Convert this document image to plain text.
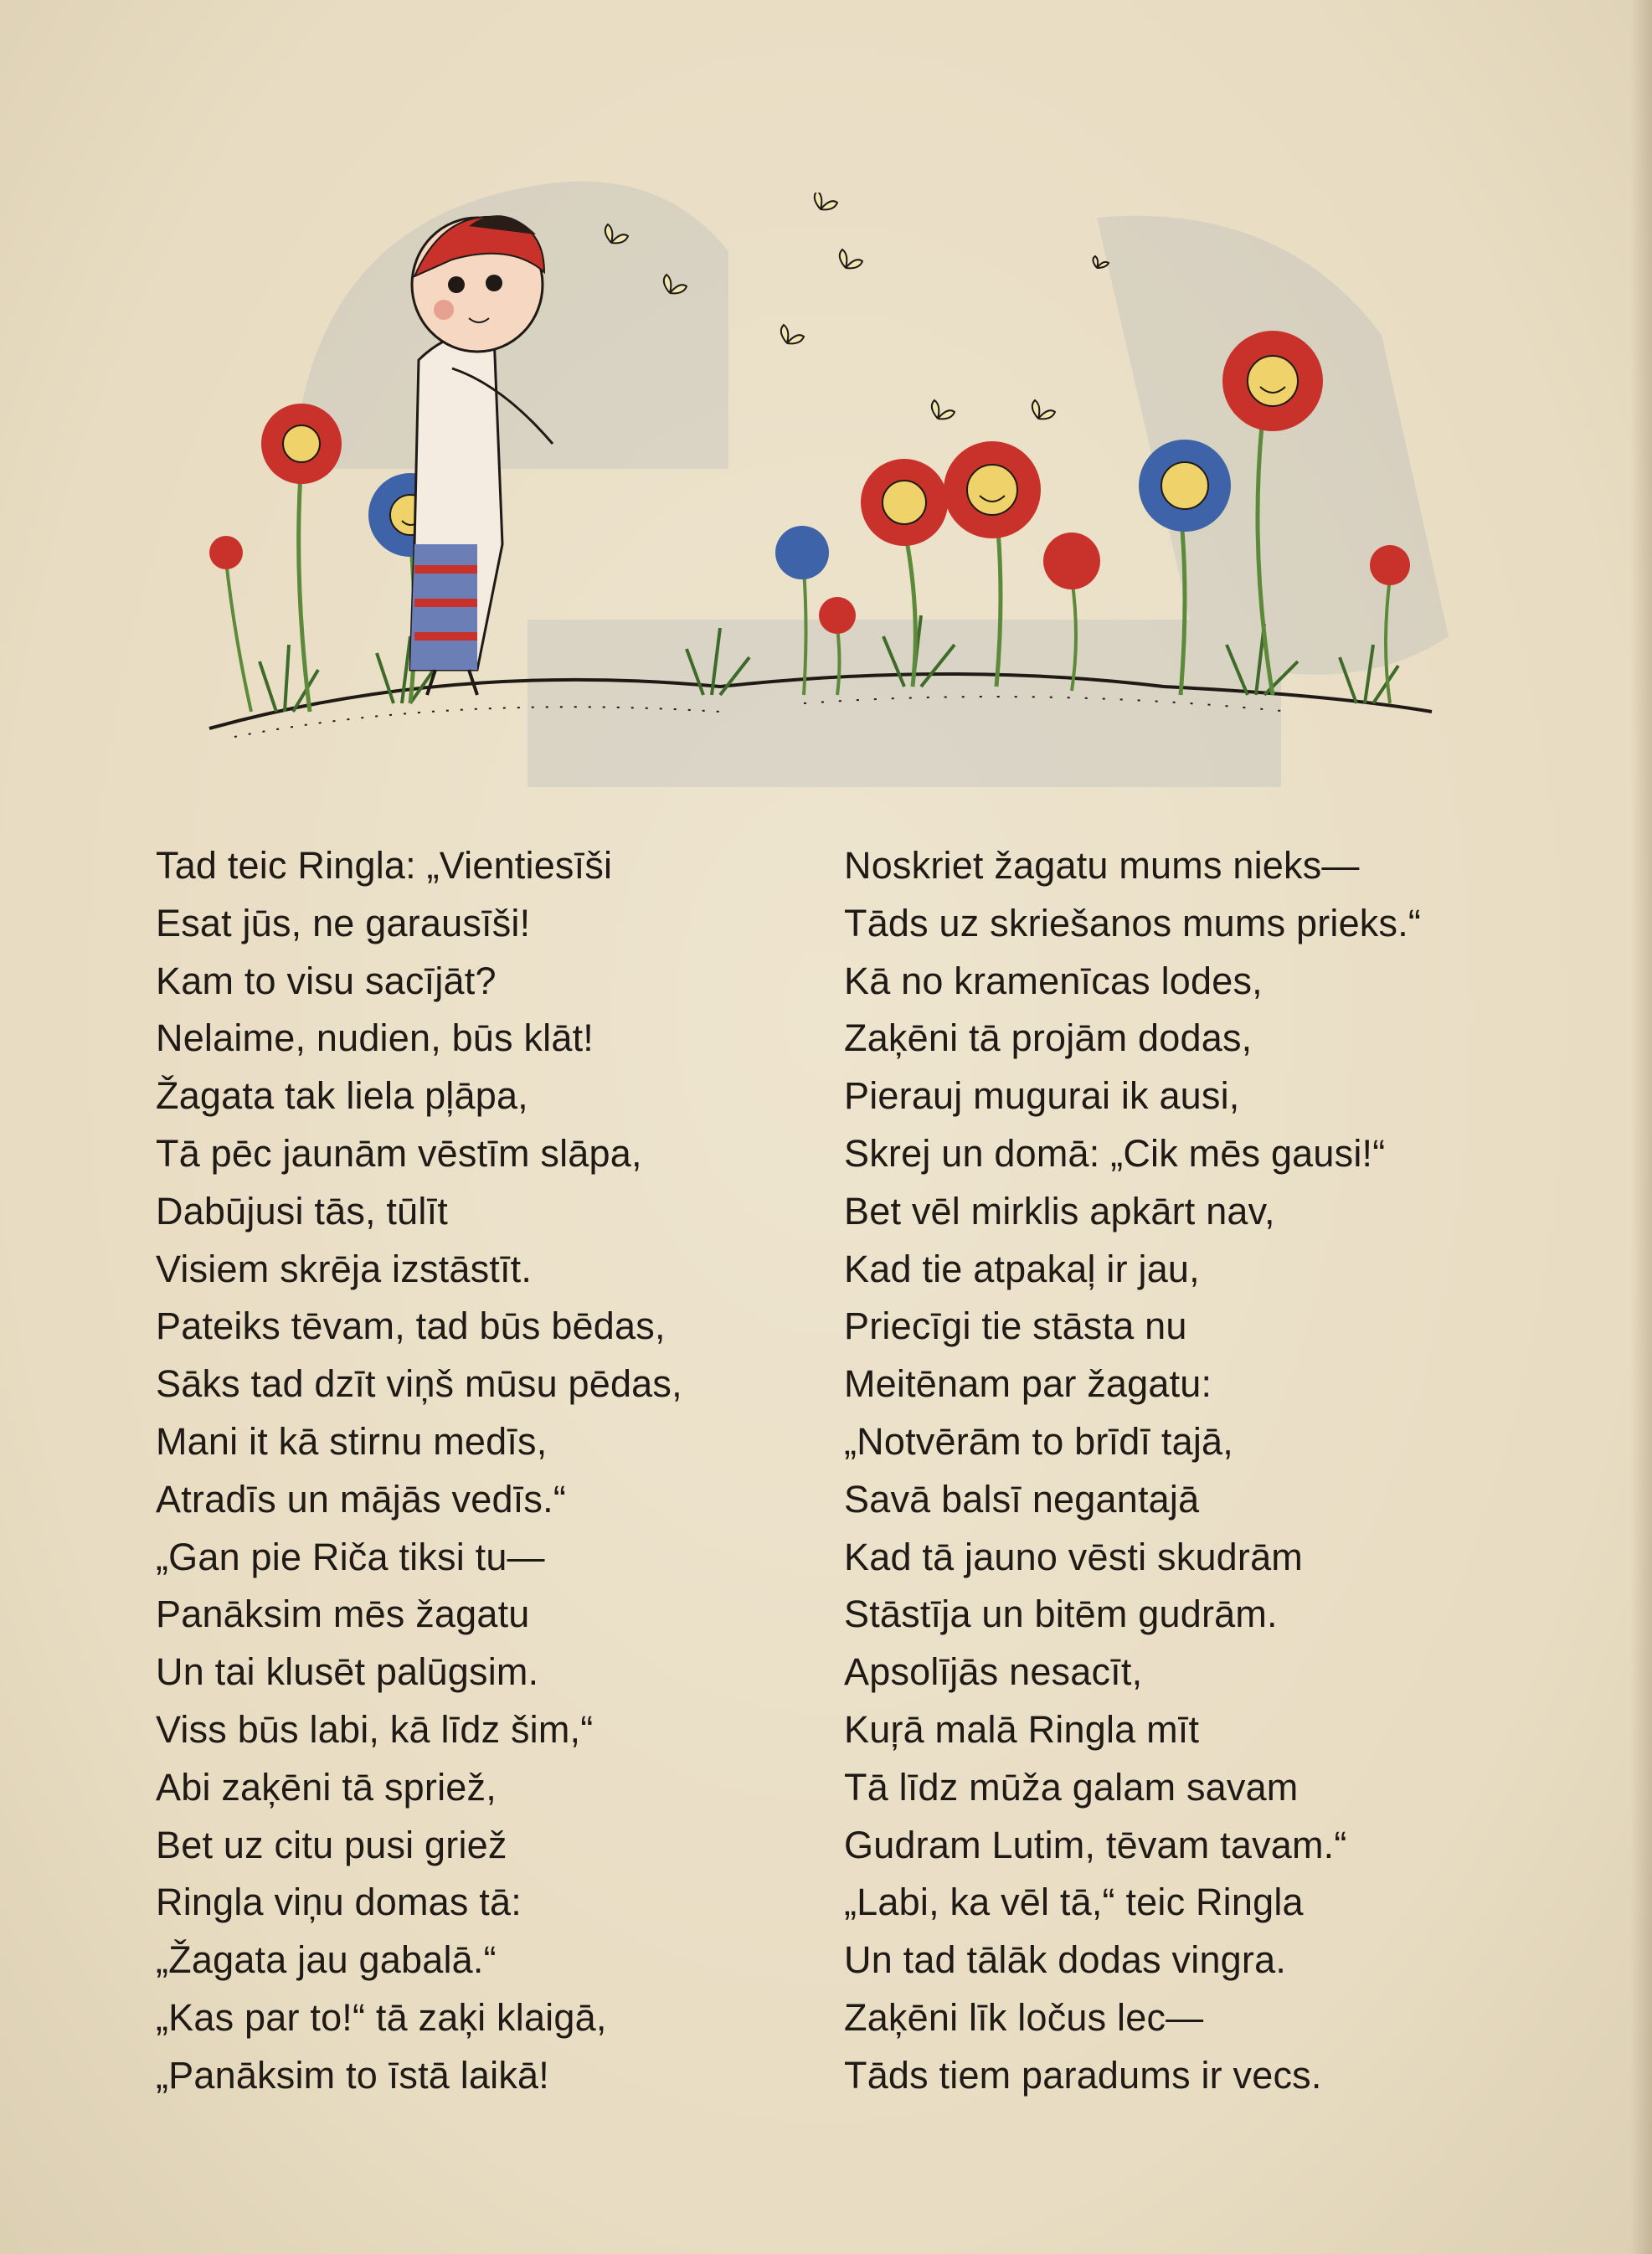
Tad teic Ringla: „Vientiesīši
Esat jūs, ne garausīši!
Kam to visu sacījāt?
Nelaime, nudien, būs klāt!
Žagata tak liela pļāpa,
Tā pēc jaunām vēstīm slāpa,
Dabūjusi tās, tūlīt
Visiem skrēja izstāstīt.
Pateiks tēvam, tad būs bēdas,
Sāks tad dzīt viņš mūsu pēdas,
Mani it kā stirnu medīs,
Atradīs un mājās vedīs.“
„Gan pie Riča tiksi tu—
Panāksim mēs žagatu
Un tai klusēt palūgsim.
Viss būs labi, kā līdz šim,“
Abi zaķēni tā spriež,
Bet uz citu pusi griež
Ringla viņu domas tā:
„Žagata jau gabalā.“
„Kas par to!“ tā zaķi klaigā,
„Panāksim to īstā laikā!
Noskriet žagatu mums nieks—
Tāds uz skriešanos mums prieks.“
Kā no kramenīcas lodes,
Zaķēni tā projām dodas,
Pierauj mugurai ik ausi,
Skrej un domā: „Cik mēs gausi!“
Bet vēl mirklis apkārt nav,
Kad tie atpakaļ ir jau,
Priecīgi tie stāsta nu
Meitēnam par žagatu:
„Notvērām to brīdī tajā,
Savā balsī negantajā
Kad tā jauno vēsti skudrām
Stāstīja un bitēm gudrām.
Apsolījās nesacīt,
Kuŗā malā Ringla mīt
Tā līdz mūža galam savam
Gudram Lutim, tēvam tavam.“
„Labi, ka vēl tā,“ teic Ringla
Un tad tālāk dodas vingra.
Zaķēni līk ločus lec—
Tāds tiem paradums ir vecs.
